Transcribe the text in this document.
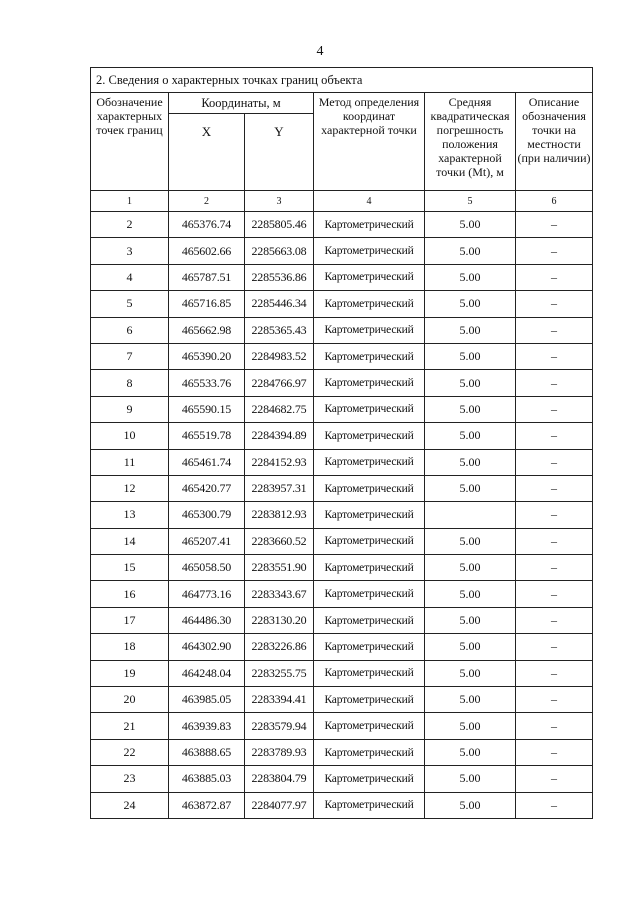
4
2. Сведения о характерных точках границ объекта					
Обозначение характерных точек границ	Координаты, м		Метод определения координат характерной точки	Средняя квадратическая погрешность положения характерной точки (Mt), м	Описание обозначения точки на местности (при наличии)
	X	Y			
1	2	3	4	5	6
2	465376.74	2285805.46	Картометрический	5.00	–
3	465602.66	2285663.08	Картометрический	5.00	–
4	465787.51	2285536.86	Картометрический	5.00	–
5	465716.85	2285446.34	Картометрический	5.00	–
6	465662.98	2285365.43	Картометрический	5.00	–
7	465390.20	2284983.52	Картометрический	5.00	–
8	465533.76	2284766.97	Картометрический	5.00	–
9	465590.15	2284682.75	Картометрический	5.00	–
10	465519.78	2284394.89	Картометрический	5.00	–
11	465461.74	2284152.93	Картометрический	5.00	–
12	465420.77	2283957.31	Картометрический	5.00	–
13	465300.79	2283812.93	Картометрический		–
14	465207.41	2283660.52	Картометрический	5.00	–
15	465058.50	2283551.90	Картометрический	5.00	–
16	464773.16	2283343.67	Картометрический	5.00	–
17	464486.30	2283130.20	Картометрический	5.00	–
18	464302.90	2283226.86	Картометрический	5.00	–
19	464248.04	2283255.75	Картометрический	5.00	–
20	463985.05	2283394.41	Картометрический	5.00	–
21	463939.83	2283579.94	Картометрический	5.00	–
22	463888.65	2283789.93	Картометрический	5.00	–
23	463885.03	2283804.79	Картометрический	5.00	–
24	463872.87	2284077.97	Картометрический	5.00	–
